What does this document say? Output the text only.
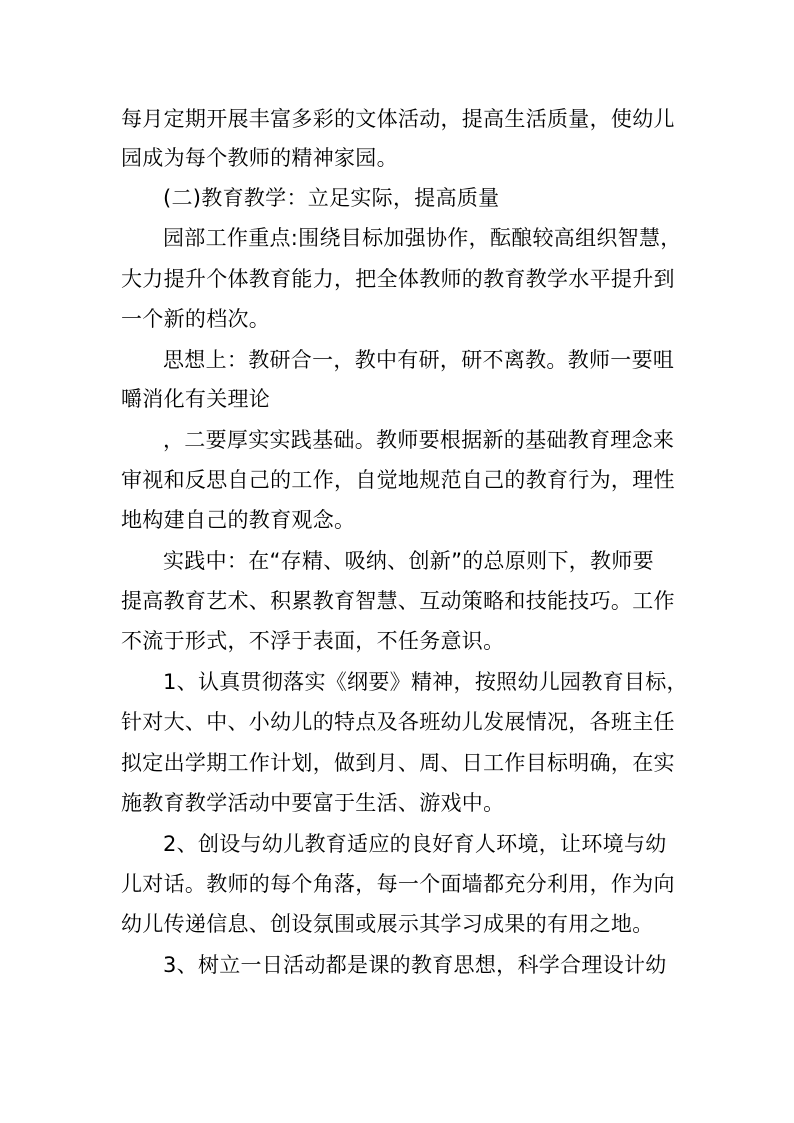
每月定期开展丰富多彩的文体活动，提高生活质量，使幼儿
园成为每个教师的精神家园。
(二)教育教学：立足实际，提高质量
园部工作重点:围绕目标加强协作，酝酿较高组织智慧，
大力提升个体教育能力，把全体教师的教育教学水平提升到
一个新的档次。
思想上：教研合一，教中有研，研不离教。教师一要咀
嚼消化有关理论
，二要厚实实践基础。教师要根据新的基础教育理念来
审视和反思自己的工作，自觉地规范自己的教育行为，理性
地构建自己的教育观念。
实践中：在“存精、吸纳、创新”的总原则下，教师要
提高教育艺术、积累教育智慧、互动策略和技能技巧。工作
不流于形式，不浮于表面，不任务意识。
1、认真贯彻落实《纲要》精神，按照幼儿园教育目标，
针对大、中、小幼儿的特点及各班幼儿发展情况，各班主任
拟定出学期工作计划，做到月、周、日工作目标明确，在实
施教育教学活动中要富于生活、游戏中。
2、创设与幼儿教育适应的良好育人环境，让环境与幼
儿对话。教师的每个角落，每一个面墙都充分利用，作为向
幼儿传递信息、创设氛围或展示其学习成果的有用之地。
3、树立一日活动都是课的教育思想，科学合理设计幼
